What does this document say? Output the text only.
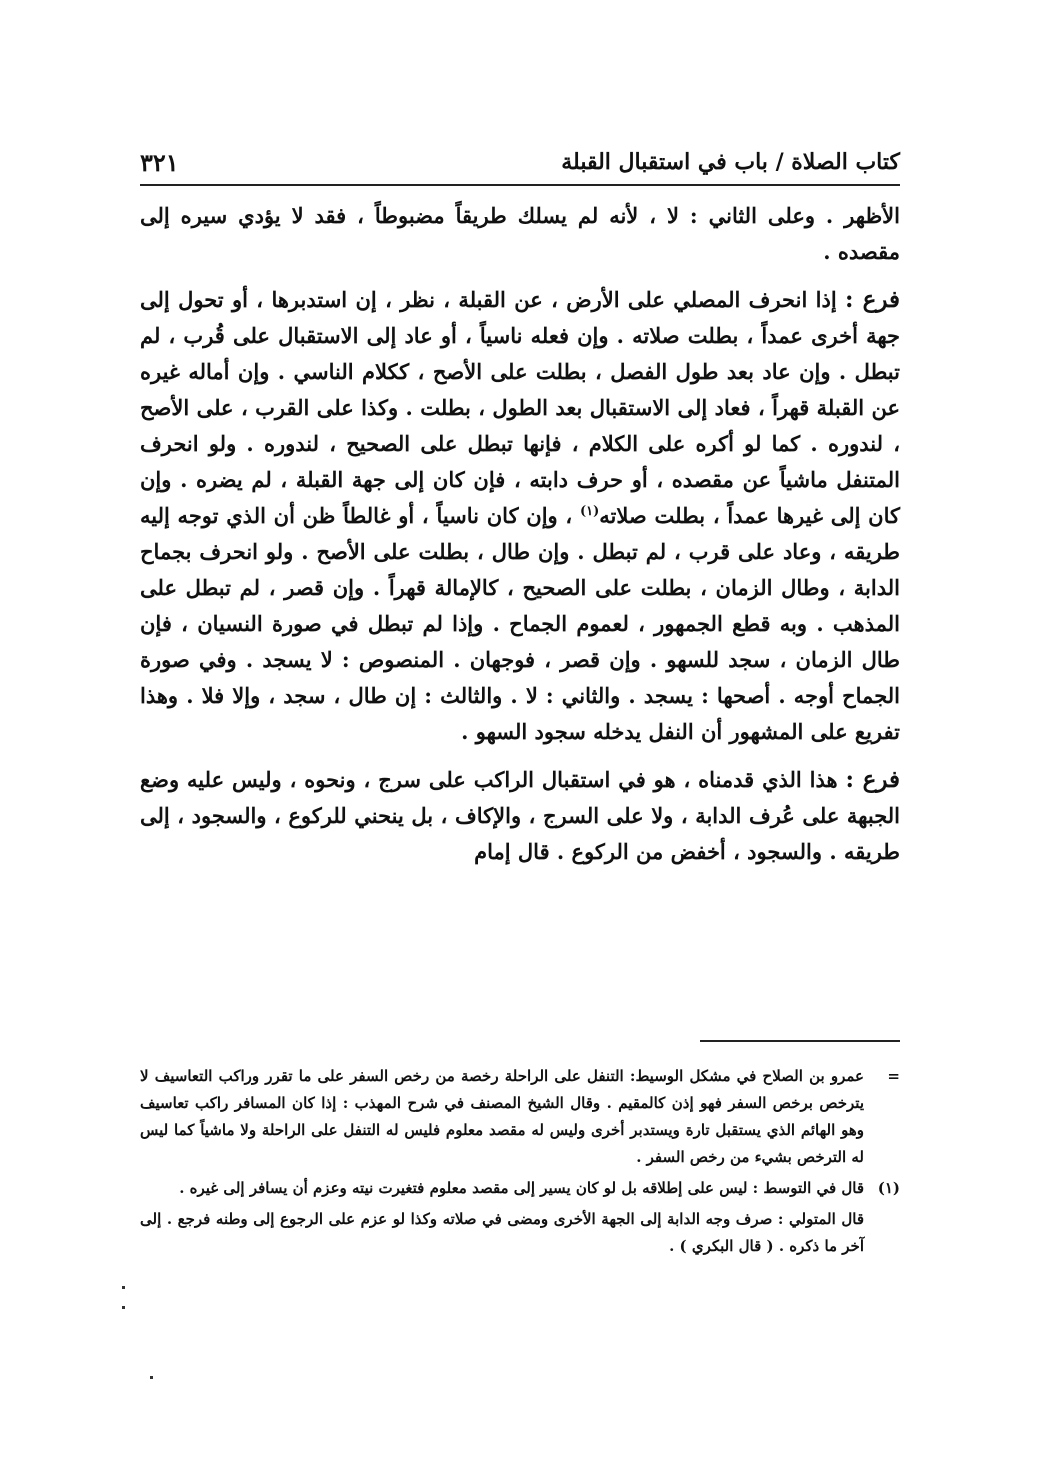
كتاب الصلاة / باب في استقبال القبلة
٣٢١

الأظهر . وعلى الثاني : لا ، لأنه لم يسلك طريقاً مضبوطاً ، فقد لا يؤدي سيره إلى مقصده .

فرع : إذا انحرف المصلي على الأرض ، عن القبلة ، نظر ، إن استدبرها ، أو تحول إلى جهة أخرى عمداً ، بطلت صلاته . وإن فعله ناسياً ، أو عاد إلى الاستقبال على قُرب ، لم تبطل . وإن عاد بعد طول الفصل ، بطلت على الأصح ، ككلام الناسي . وإن أماله غيره عن القبلة قهراً ، فعاد إلى الاستقبال بعد الطول ، بطلت . وكذا على القرب ، على الأصح ، لندوره . كما لو أكره على الكلام ، فإنها تبطل على الصحيح ، لندوره . ولو انحرف المتنفل ماشياً عن مقصده ، أو حرف دابته ، فإن كان إلى جهة القبلة ، لم يضره . وإن كان إلى غيرها عمداً ، بطلت صلاته$^{(١)}$ ، وإن كان ناسياً ، أو غالطاً ظن أن الذي توجه إليه طريقه ، وعاد على قرب ، لم تبطل . وإن طال ، بطلت على الأصح . ولو انحرف بجماح الدابة ، وطال الزمان ، بطلت على الصحيح ، كالإمالة قهراً . وإن قصر ، لم تبطل على المذهب . وبه قطع الجمهور ، لعموم الجماح . وإذا لم تبطل في صورة النسيان ، فإن طال الزمان ، سجد للسهو . وإن قصر ، فوجهان . المنصوص : لا يسجد . وفي صورة الجماح أوجه . أصحها : يسجد . والثاني : لا . والثالث : إن طال ، سجد ، وإلا فلا . وهذا تفريع على المشهور أن النفل يدخله سجود السهو .

فرع : هذا الذي قدمناه ، هو في استقبال الراكب على سرج ، ونحوه ، وليس عليه وضع الجبهة على عُرف الدابة ، ولا على السرج ، والإكاف ، بل ينحني للركوع ، والسجود ، إلى طريقه . والسجود ، أخفض من الركوع . قال إمام

=
عمرو بن الصلاح في مشكل الوسيط: التنفل على الراحلة رخصة من رخص السفر على ما تقرر وراكب التعاسيف لا يترخص برخص السفر فهو إذن كالمقيم . وقال الشيخ المصنف في شرح المهذب : إذا كان المسافر راكب تعاسيف وهو الهائم الذي يستقبل تارة ويستدبر أخرى وليس له مقصد معلوم فليس له التنفل على الراحلة ولا ماشياً كما ليس له الترخص بشيء من رخص السفر .

(١)
قال في التوسط : ليس على إطلاقه بل لو كان يسير إلى مقصد معلوم فتغيرت نيته وعزم أن يسافر إلى غيره .

قال المتولي : صرف وجه الدابة إلى الجهة الأخرى ومضى في صلاته وكذا لو عزم على الرجوع إلى وطنه فرجع . إلى آخر ما ذكره . ( قال البكري ) .
